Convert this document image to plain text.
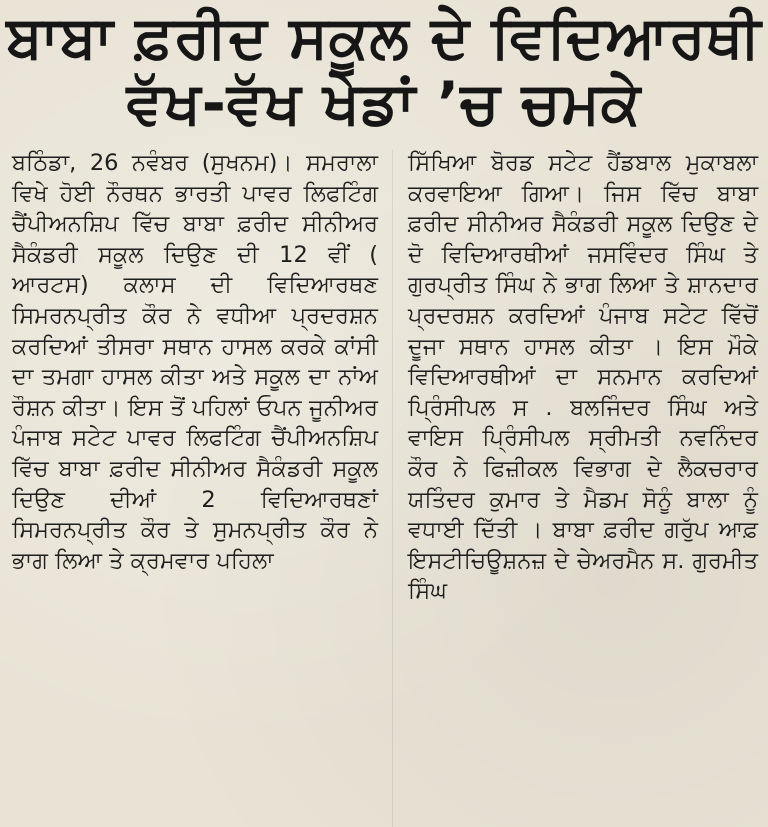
ਬਾਬਾ ਫ਼ਰੀਦ ਸਕੂਲ ਦੇ ਵਿਦਿਆਰਥੀ
ਵੱਖ-ਵੱਖ ਖੇਡਾਂ ’ਚ ਚਮਕੇ

ਬਠਿੰਡਾ, 26 ਨਵੰਬਰ (ਸੁਖਨਮ)। ਸਮਰਾਲਾ ਵਿਖੇ ਹੋਈ ਨੌਰਥਨ ਭਾਰਤੀ ਪਾਵਰ ਲਿਫਟਿੰਗ ਚੈਂਪੀਅਨਸ਼ਿਪ ਵਿੱਚ ਬਾਬਾ ਫ਼ਰੀਦ ਸੀਨੀਅਰ ਸੈਕੰਡਰੀ ਸਕੂਲ ਦਿਉਣ ਦੀ 12 ਵੀਂ ( ਆਰਟਸ) ਕਲਾਸ ਦੀ ਵਿਦਿਆਰਥਣ ਸਿਮਰਨਪ੍ਰੀਤ ਕੌਰ ਨੇ ਵਧੀਆ ਪ੍ਰਦਰਸ਼ਨ ਕਰਦਿਆਂ ਤੀਸਰਾ ਸਥਾਨ ਹਾਸਲ ਕਰਕੇ ਕਾਂਸੀ ਦਾ ਤਮਗਾ ਹਾਸਲ ਕੀਤਾ ਅਤੇ ਸਕੂਲ ਦਾ ਨਾਂਅ ਰੌਸ਼ਨ ਕੀਤਾ। ਇਸ ਤੋਂ ਪਹਿਲਾਂ ਓਪਨ ਜੂਨੀਅਰ ਪੰਜਾਬ ਸਟੇਟ ਪਾਵਰ ਲਿਫਟਿੰਗ ਚੈਂਪੀਅਨਸ਼ਿਪ ਵਿੱਚ ਬਾਬਾ ਫ਼ਰੀਦ ਸੀਨੀਅਰ ਸੈਕੰਡਰੀ ਸਕੂਲ ਦਿਉਣ ਦੀਆਂ 2 ਵਿਦਿਆਰਥਣਾਂ ਸਿਮਰਨਪ੍ਰੀਤ ਕੌਰ ਤੇ ਸੁਮਨਪ੍ਰੀਤ ਕੌਰ ਨੇ ਭਾਗ ਲਿਆ ਤੇ ਕ੍ਰਮਵਾਰ ਪਹਿਲਾ

ਸਿੱਖਿਆ ਬੋਰਡ ਸਟੇਟ ਹੈਂਡਬਾਲ ਮੁਕਾਬਲਾ ਕਰਵਾਇਆ ਗਿਆ। ਜਿਸ ਵਿੱਚ ਬਾਬਾ ਫ਼ਰੀਦ ਸੀਨੀਅਰ ਸੈਕੰਡਰੀ ਸਕੂਲ ਦਿਉਣ ਦੇ ਦੋ ਵਿਦਿਆਰਥੀਆਂ ਜਸਵਿੰਦਰ ਸਿੰਘ ਤੇ ਗੁਰਪ੍ਰੀਤ ਸਿੰਘ ਨੇ ਭਾਗ ਲਿਆ ਤੇ ਸ਼ਾਨਦਾਰ ਪ੍ਰਦਰਸ਼ਨ ਕਰਦਿਆਂ ਪੰਜਾਬ ਸਟੇਟ ਵਿੱਚੋਂ ਦੂਜਾ ਸਥਾਨ ਹਾਸਲ ਕੀਤਾ । ਇਸ ਮੌਕੇ ਵਿਦਿਆਰਥੀਆਂ ਦਾ ਸਨਮਾਨ ਕਰਦਿਆਂ ਪ੍ਰਿੰਸੀਪਲ ਸ . ਬਲਜਿੰਦਰ ਸਿੰਘ ਅਤੇ ਵਾਇਸ ਪ੍ਰਿੰਸੀਪਲ ਸ੍ਰੀਮਤੀ ਨਵਨਿੰਦਰ ਕੌਰ ਨੇ ਫਿਜ਼ੀਕਲ ਵਿਭਾਗ ਦੇ ਲੈਕਚਰਾਰ ਯਤਿੰਦਰ ਕੁਮਾਰ ਤੇ ਮੈਡਮ ਸੋਨੂੰ ਬਾਲਾ ਨੂੰ ਵਧਾਈ ਦਿੱਤੀ । ਬਾਬਾ ਫ਼ਰੀਦ ਗਰੁੱਪ ਆਫ਼ ਇਸਟੀਚਿਊਸ਼ਨਜ਼ ਦੇ ਚੇਅਰਮੈਨ ਸ. ਗੁਰਮੀਤ ਸਿੰਘ
